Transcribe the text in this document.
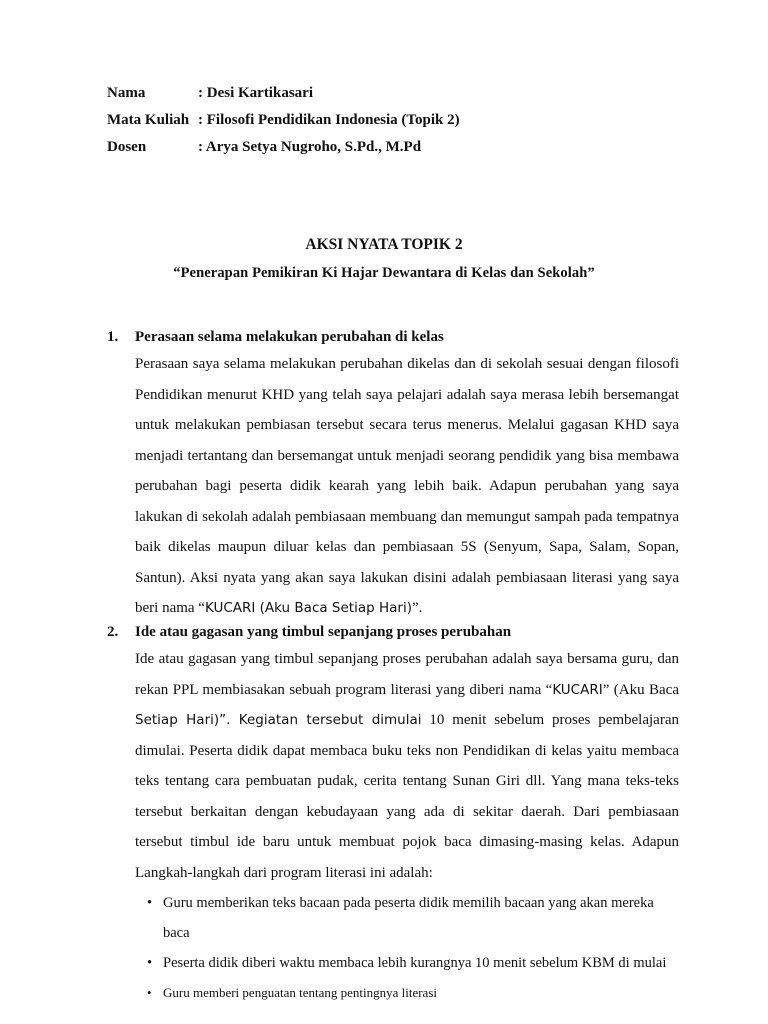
Nama	: Desi Kartikasari
Mata Kuliah : Filosofi Pendidikan Indonesia (Topik 2)
Dosen	: Arya Setya Nugroho, S.Pd., M.Pd
AKSI NYATA TOPIK 2
“Penerapan Pemikiran Ki Hajar Dewantara di Kelas dan Sekolah”
1.	Perasaan selama melakukan perubahan di kelas
Perasaan saya selama melakukan perubahan dikelas dan di sekolah sesuai dengan filosofi Pendidikan menurut KHD yang telah saya pelajari adalah saya merasa lebih bersemangat untuk melakukan pembiasan tersebut secara terus menerus. Melalui gagasan KHD saya menjadi tertantang dan bersemangat untuk menjadi seorang pendidik yang bisa membawa perubahan bagi peserta didik kearah yang lebih baik. Adapun perubahan yang saya lakukan di sekolah adalah pembiasaan membuang dan memungut sampah pada tempatnya baik dikelas maupun diluar kelas dan pembiasaan 5S (Senyum, Sapa, Salam, Sopan, Santun). Aksi nyata yang akan saya lakukan disini adalah pembiasaan literasi yang saya beri nama “KUCARI (Aku Baca Setiap Hari)”.
2.	Ide atau gagasan yang timbul sepanjang proses perubahan
Ide atau gagasan yang timbul sepanjang proses perubahan adalah saya bersama guru, dan rekan PPL membiasakan sebuah program literasi yang diberi nama “KUCARI” (Aku Baca Setiap Hari)”. Kegiatan tersebut dimulai 10 menit sebelum proses pembelajaran dimulai. Peserta didik dapat membaca buku teks non Pendidikan di kelas yaitu membaca teks tentang cara pembuatan pudak, cerita tentang Sunan Giri dll. Yang mana teks-teks tersebut berkaitan dengan kebudayaan yang ada di sekitar daerah. Dari pembiasaan tersebut timbul ide baru untuk membuat pojok baca dimasing-masing kelas. Adapun Langkah-langkah dari program literasi ini adalah:
• Guru memberikan teks bacaan pada peserta didik memilih bacaan yang akan mereka baca
• Peserta didik diberi waktu membaca lebih kurangnya 10 menit sebelum KBM di mulai
• Guru memberi penguatan tentang pentingnya literasi
